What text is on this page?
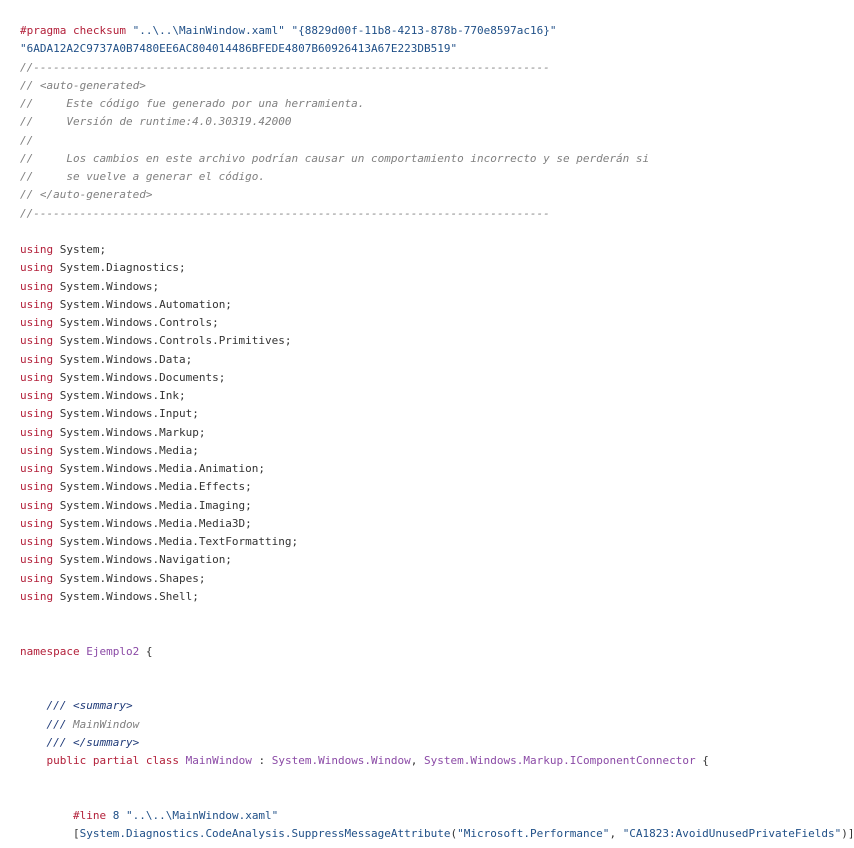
#pragma checksum "..\..\MainWindow.xaml" "{8829d00f-11b8-4213-878b-770e8597ac16}"
"6ADA12A2C9737A0B7480EE6AC804014486BFEDE4807B60926413A67E223DB519"
//------------------------------------------------------------------------------
// <auto-generated>
//     Este código fue generado por una herramienta.
//     Versión de runtime:4.0.30319.42000
//
//     Los cambios en este archivo podrían causar un comportamiento incorrecto y se perderán si
//     se vuelve a generar el código.
// </auto-generated>
//------------------------------------------------------------------------------
using System;
using System.Diagnostics;
using System.Windows;
using System.Windows.Automation;
using System.Windows.Controls;
using System.Windows.Controls.Primitives;
using System.Windows.Data;
using System.Windows.Documents;
using System.Windows.Ink;
using System.Windows.Input;
using System.Windows.Markup;
using System.Windows.Media;
using System.Windows.Media.Animation;
using System.Windows.Media.Effects;
using System.Windows.Media.Imaging;
using System.Windows.Media.Media3D;
using System.Windows.Media.TextFormatting;
using System.Windows.Navigation;
using System.Windows.Shapes;
using System.Windows.Shell;
namespace Ejemplo2 {
/// <summary>
/// MainWindow
/// </summary>
public partial class MainWindow : System.Windows.Window, System.Windows.Markup.IComponentConnector {
#line 8 "..\..\MainWindow.xaml"
[System.Diagnostics.CodeAnalysis.SuppressMessageAttribute("Microsoft.Performance", "CA1823:AvoidUnusedPrivateFields")]
